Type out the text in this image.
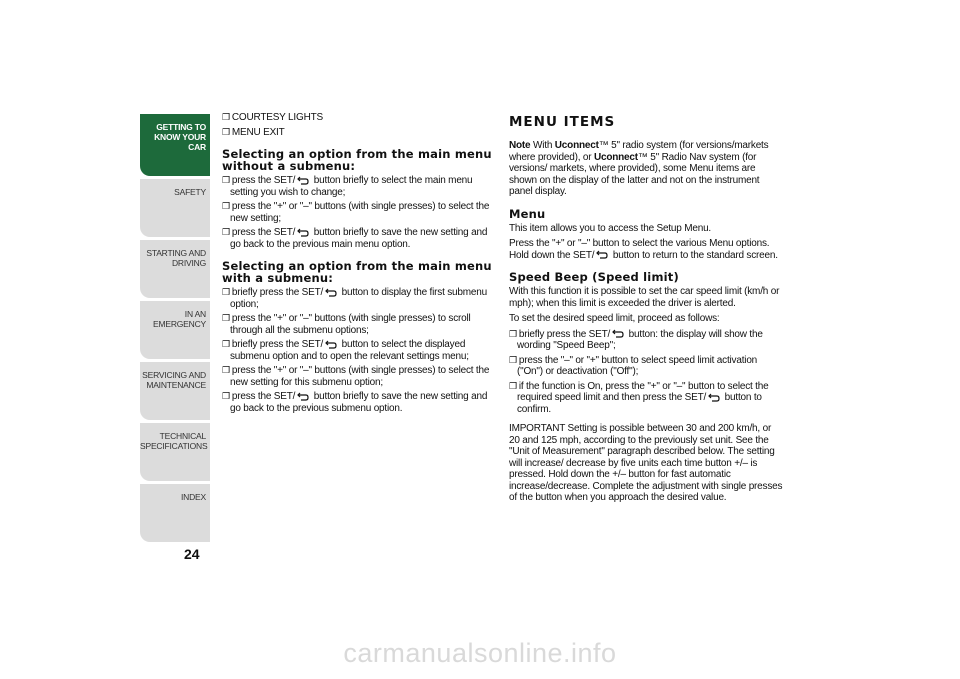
GETTING TO
KNOW YOUR CAR
SAFETY
STARTING AND
DRIVING
IN AN EMERGENCY
SERVICING AND
MAINTENANCE
TECHNICAL
SPECIFICATIONS
INDEX
24
❒ COURTESY LIGHTS
❒ MENU EXIT
Selecting an option from the main menu without a submenu:
❒ press the SET/ button briefly to select the main menu setting you wish to change;
❒ press the "+" or "–" buttons (with single presses) to select the new setting;
❒ press the SET/ button briefly to save the new setting and go back to the previous main menu option.
Selecting an option from the main menu with a submenu:
❒ briefly press the SET/ button to display the first submenu option;
❒ press the "+" or "–" buttons (with single presses) to scroll through all the submenu options;
❒ briefly press the SET/ button to select the displayed submenu option and to open the relevant settings menu;
❒ press the "+" or "–" buttons (with single presses) to select the new setting for this submenu option;
❒ press the SET/ button briefly to save the new setting and go back to the previous submenu option.
MENU ITEMS
Note With Uconnect™ 5" radio system (for versions/markets where provided), or Uconnect™ 5" Radio Nav system (for versions/ markets, where provided), some Menu items are shown on the display of the latter and not on the instrument panel display.
Menu
This item allows you to access the Setup Menu.
Press the "+" or "–" button to select the various Menu options. Hold down the SET/ button to return to the standard screen.
Speed Beep (Speed limit)
With this function it is possible to set the car speed limit (km/h or mph); when this limit is exceeded the driver is alerted.
To set the desired speed limit, proceed as follows:
❒ briefly press the SET/ button: the display will show the wording "Speed Beep";
❒ press the "–" or "+" button to select speed limit activation ("On") or deactivation ("Off");
❒ if the function is On, press the "+" or "–" button to select the required speed limit and then press the SET/ button to confirm.
IMPORTANT Setting is possible between 30 and 200 km/h, or 20 and 125 mph, according to the previously set unit. See the "Unit of Measurement" paragraph described below. The setting will increase/ decrease by five units each time button +/– is pressed. Hold down the +/– button for fast automatic increase/decrease. Complete the adjustment with single presses of the button when you approach the desired value.
carmanualsonline.info
